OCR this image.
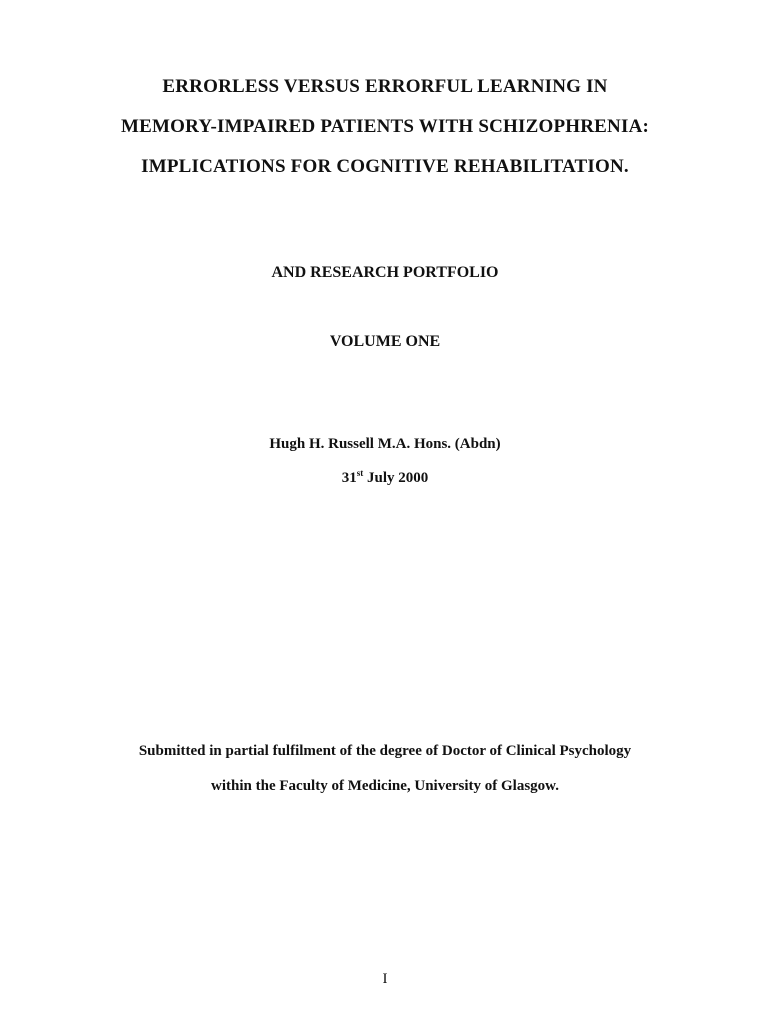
ERRORLESS VERSUS ERRORFUL LEARNING IN
MEMORY-IMPAIRED PATIENTS WITH SCHIZOPHRENIA:
IMPLICATIONS FOR COGNITIVE REHABILITATION.
AND RESEARCH PORTFOLIO
VOLUME ONE
Hugh H. Russell M.A. Hons. (Abdn)
31st July 2000
Submitted in partial fulfilment of the degree of Doctor of Clinical Psychology
within the Faculty of Medicine, University of Glasgow.
I
